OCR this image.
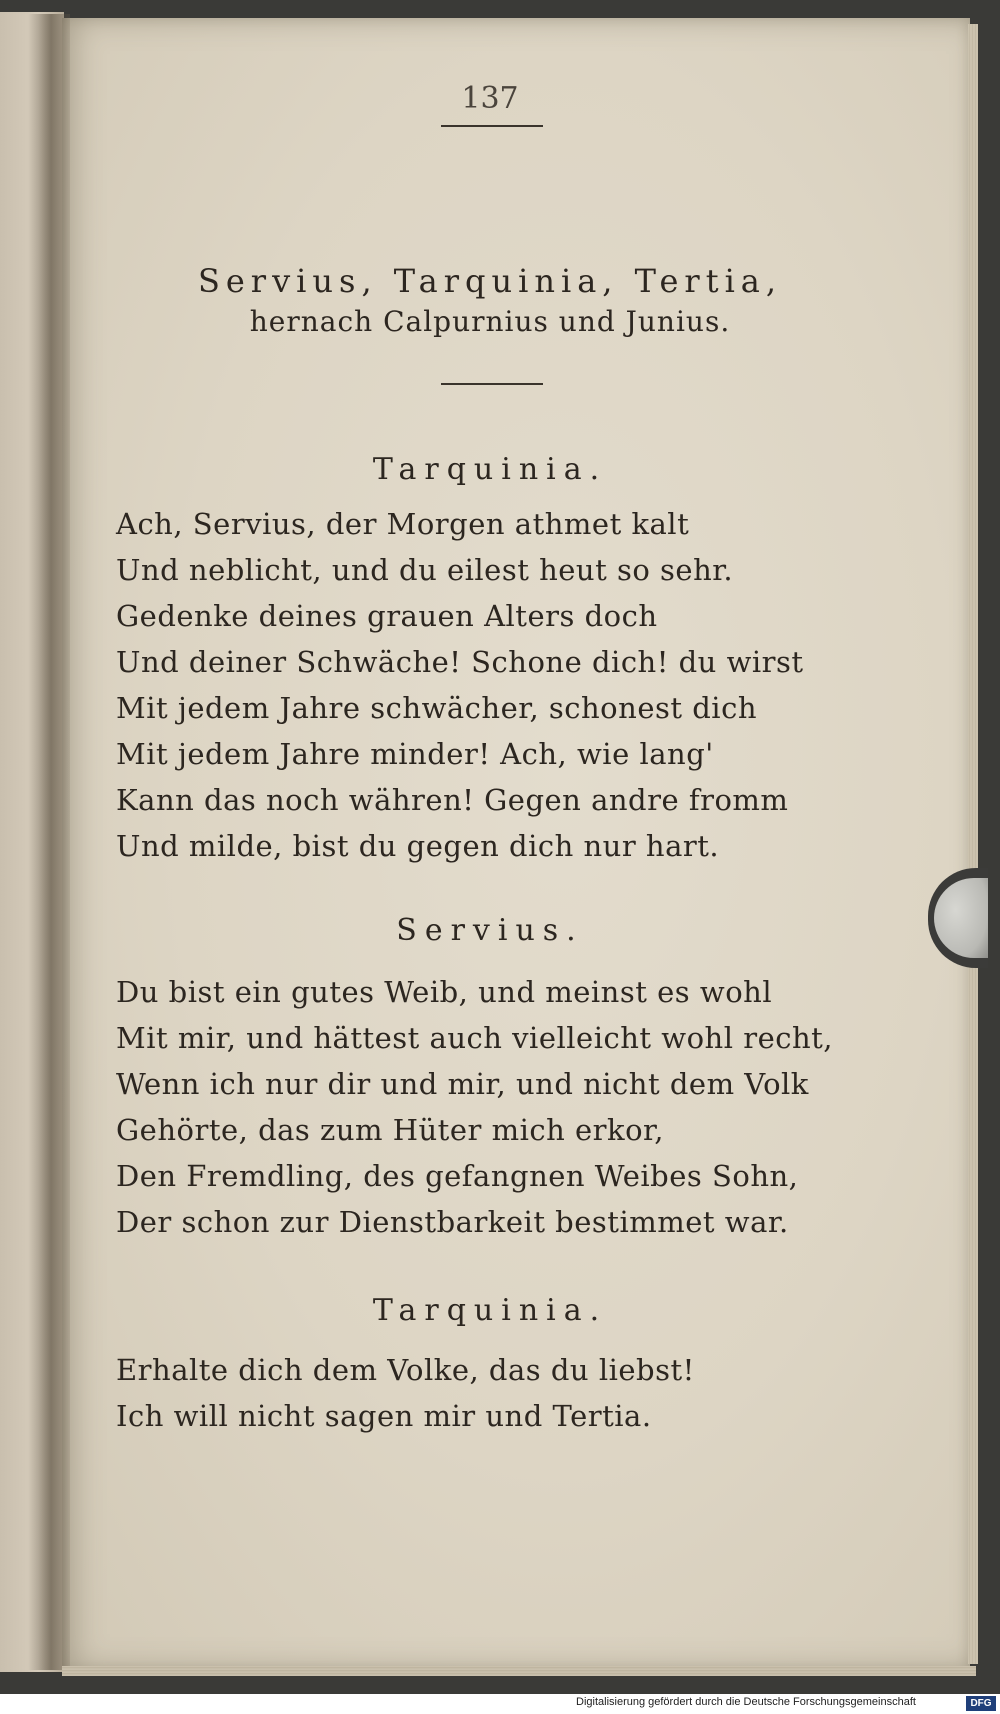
137
Servius, Tarquinia, Tertia,
hernach Calpurnius und Junius.
Tarquinia.
Ach, Servius, der Morgen athmet kalt
Und neblicht, und du eilest heut so sehr.
Gedenke deines grauen Alters doch
Und deiner Schwäche! Schone dich! du wirst
Mit jedem Jahre schwächer, schonest dich
Mit jedem Jahre minder! Ach, wie lang'
Kann das noch währen! Gegen andre fromm
Und milde, bist du gegen dich nur hart.
Servius.
Du bist ein gutes Weib, und meinst es wohl
Mit mir, und hättest auch vielleicht wohl recht,
Wenn ich nur dir und mir, und nicht dem Volk
Gehörte, das zum Hüter mich erkor,
Den Fremdling, des gefangnen Weibes Sohn,
Der schon zur Dienstbarkeit bestimmet war.
Tarquinia.
Erhalte dich dem Volke, das du liebst!
Ich will nicht sagen mir und Tertia.
Digitalisierung gefördert durch die Deutsche Forschungsgemeinschaft	DFG
